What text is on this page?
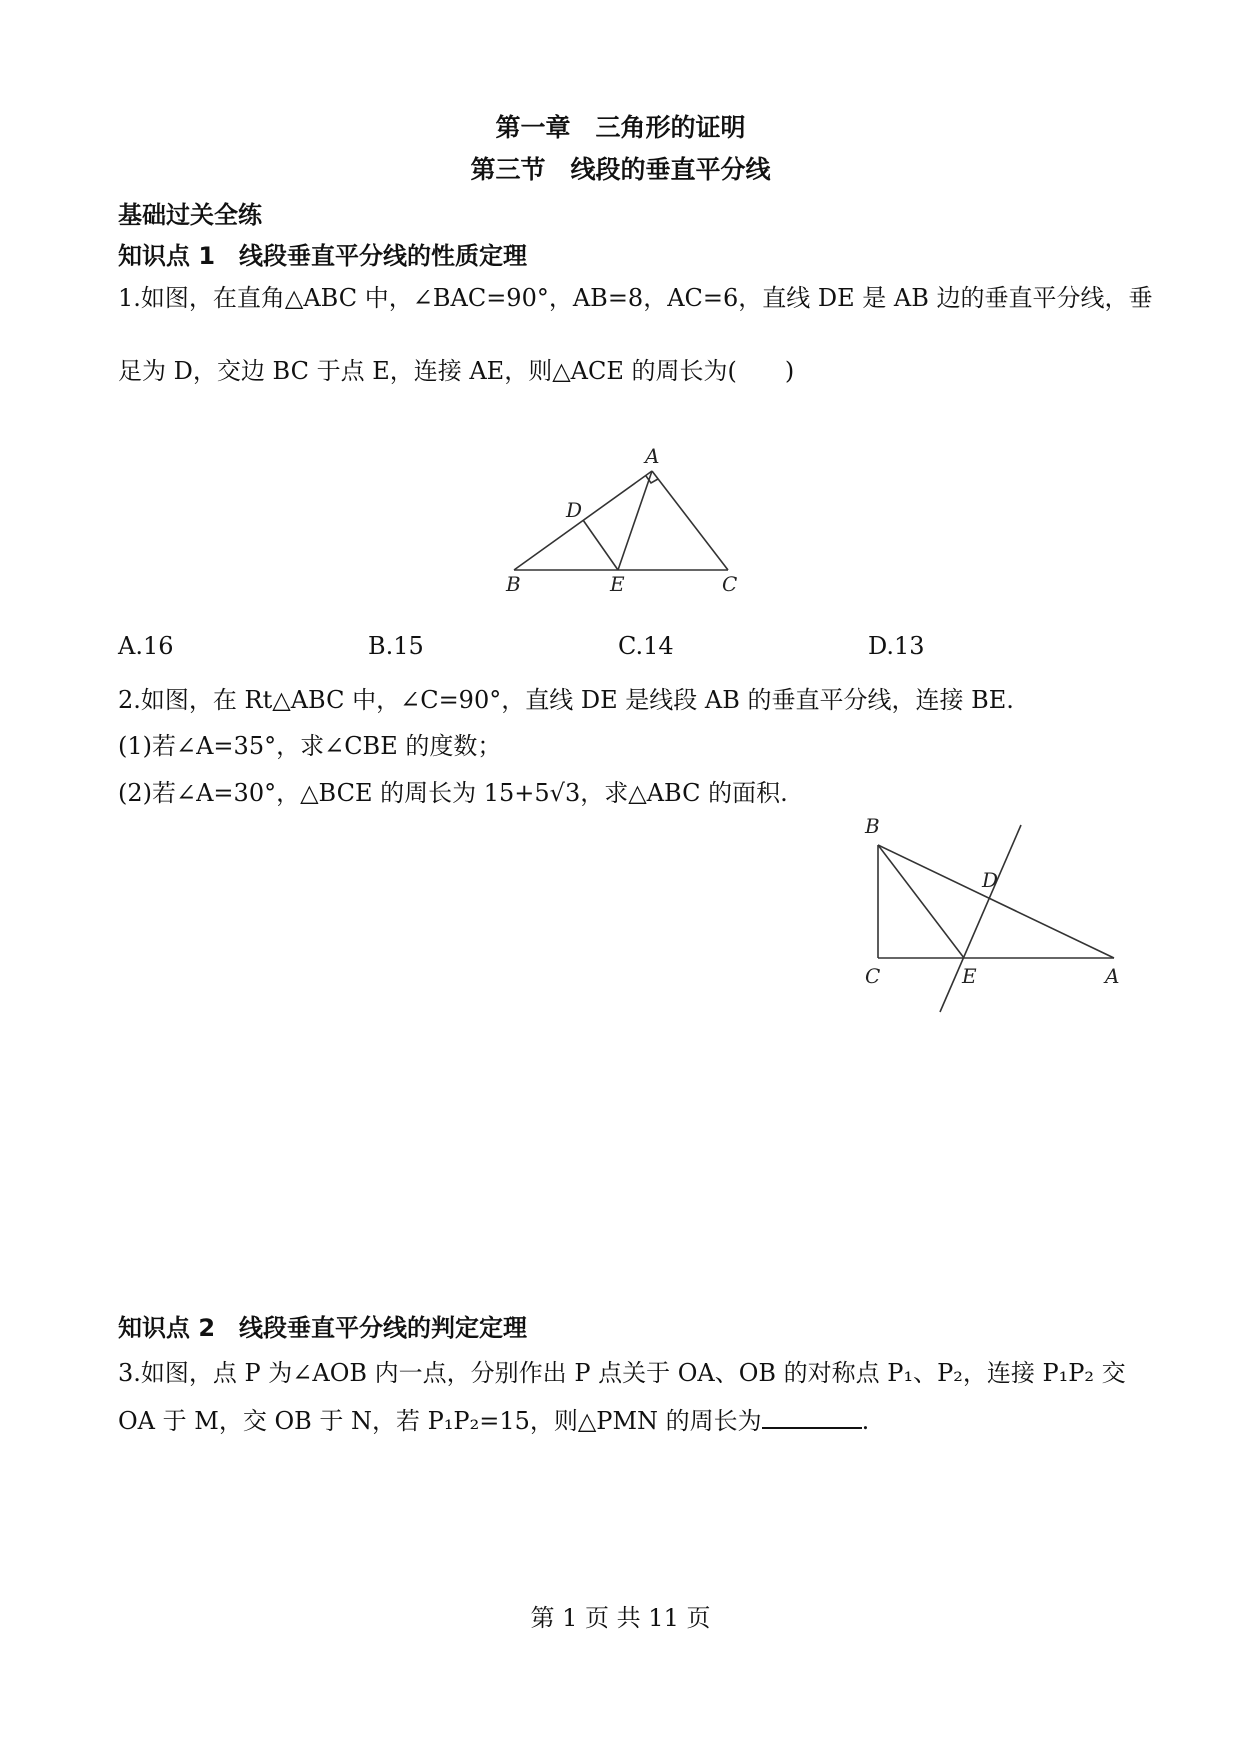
第一章　三角形的证明
第三节　线段的垂直平分线
基础过关全练
知识点 1　线段垂直平分线的性质定理
1.如图，在直角△ABC 中，∠BAC=90°，AB=8，AC=6，直线 DE 是 AB 边的垂直平分线，垂
足为 D，交边 BC 于点 E，连接 AE，则△ACE 的周长为(　　)
A
B	C
D
E
A.16	B.15	C.14	D.13
2.如图，在 Rt△ABC 中，∠C=90°，直线 DE 是线段 AB 的垂直平分线，连接 BE.
(1)若∠A=35°，求∠CBE 的度数；
(2)若∠A=30°，△BCE 的周长为 15+5√3，求△ABC 的面积.
B
C
D
E	A
知识点 2　线段垂直平分线的判定定理
3.如图，点 P 为∠AOB 内一点，分别作出 P 点关于 OA、OB 的对称点 P₁、P₂，连接 P₁P₂ 交
OA 于 M，交 OB 于 N，若 P₁P₂=15，则△PMN 的周长为	.
第 1 页 共 11 页
